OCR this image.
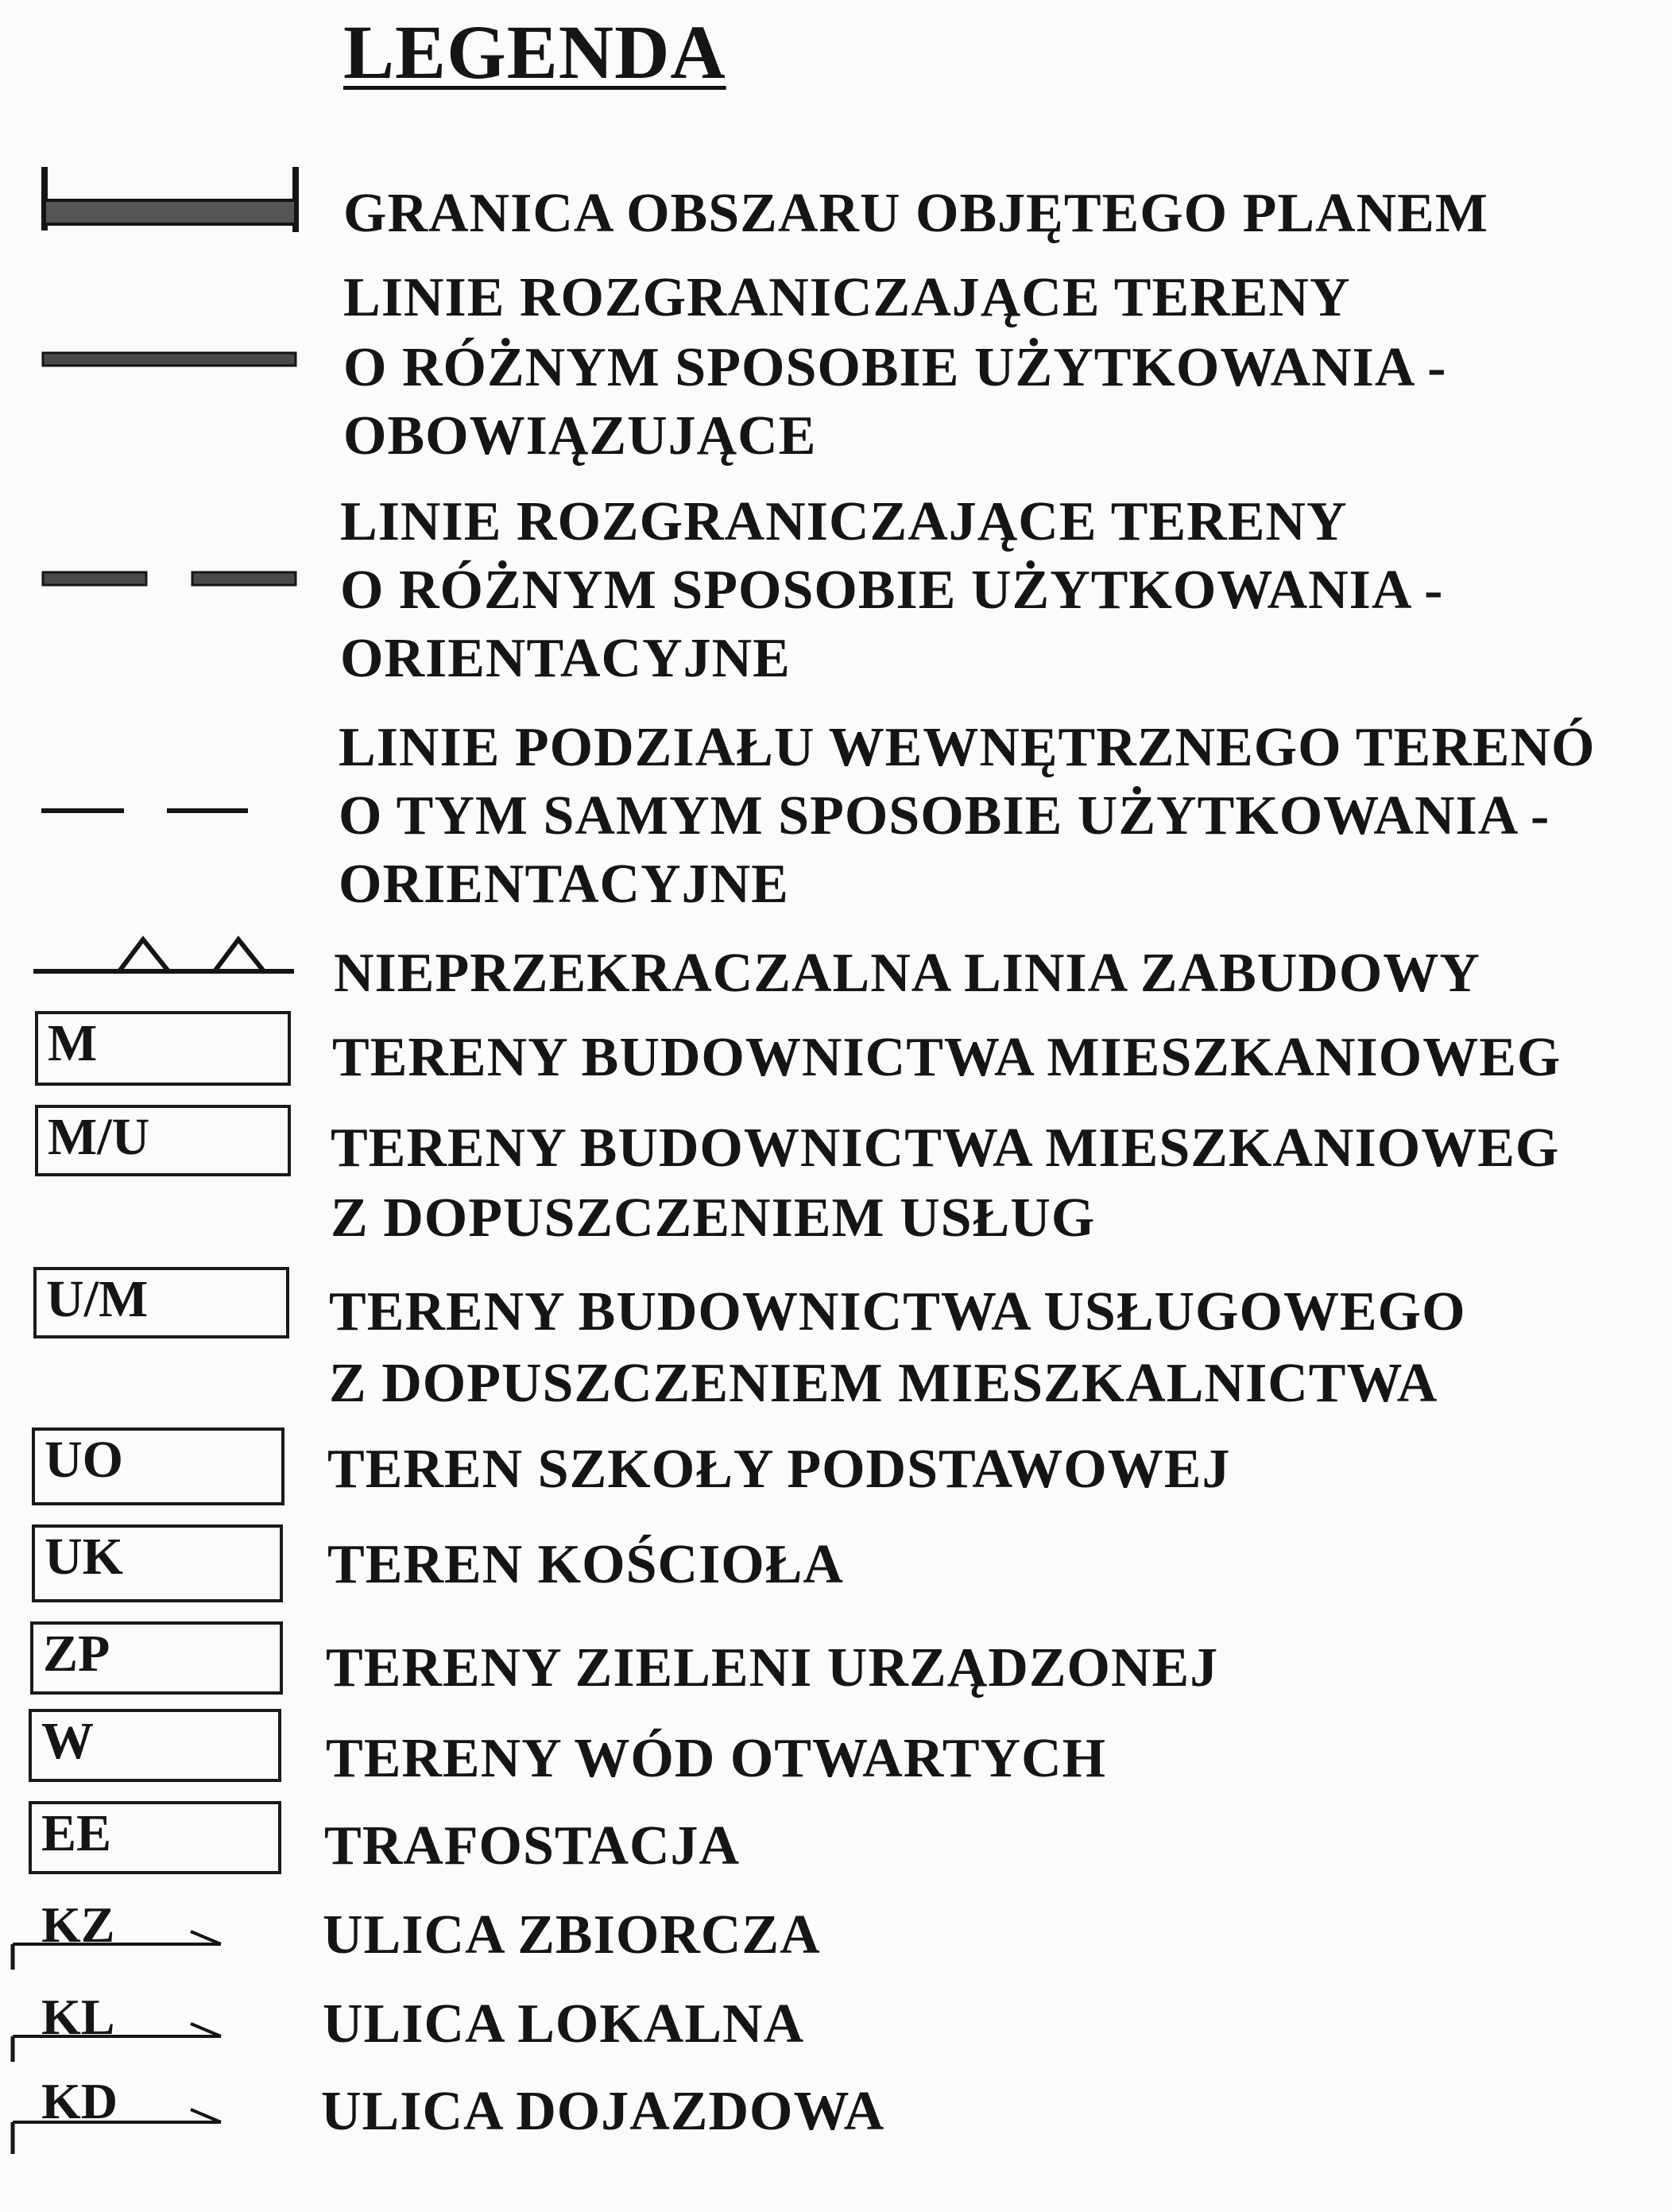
LEGENDA
GRANICA OBSZARU OBJĘTEGO PLANEM
LINIE ROZGRANICZAJĄCE TERENY
O RÓŻNYM SPOSOBIE UŻYTKOWANIA -
OBOWIĄZUJĄCE
LINIE ROZGRANICZAJĄCE TERENY
O RÓŻNYM SPOSOBIE UŻYTKOWANIA -
ORIENTACYJNE
LINIE PODZIAŁU WEWNĘTRZNEGO TERENÓ
O TYM SAMYM SPOSOBIE UŻYTKOWANIA -
ORIENTACYJNE
NIEPRZEKRACZALNA LINIA ZABUDOWY
M	TERENY BUDOWNICTWA MIESZKANIOWEG
M/U	TERENY BUDOWNICTWA MIESZKANIOWEG
Z DOPUSZCZENIEM USŁUG
U/M	TERENY BUDOWNICTWA USŁUGOWEGO
Z DOPUSZCZENIEM MIESZKALNICTWA
UO	TEREN SZKOŁY PODSTAWOWEJ
UK	TEREN KOŚCIOŁA
ZP	TERENY ZIELENI URZĄDZONEJ
W	TERENY WÓD OTWARTYCH
EE	TRAFOSTACJA
KZ	ULICA ZBIORCZA
KL	ULICA LOKALNA
KD	ULICA DOJAZDOWA
